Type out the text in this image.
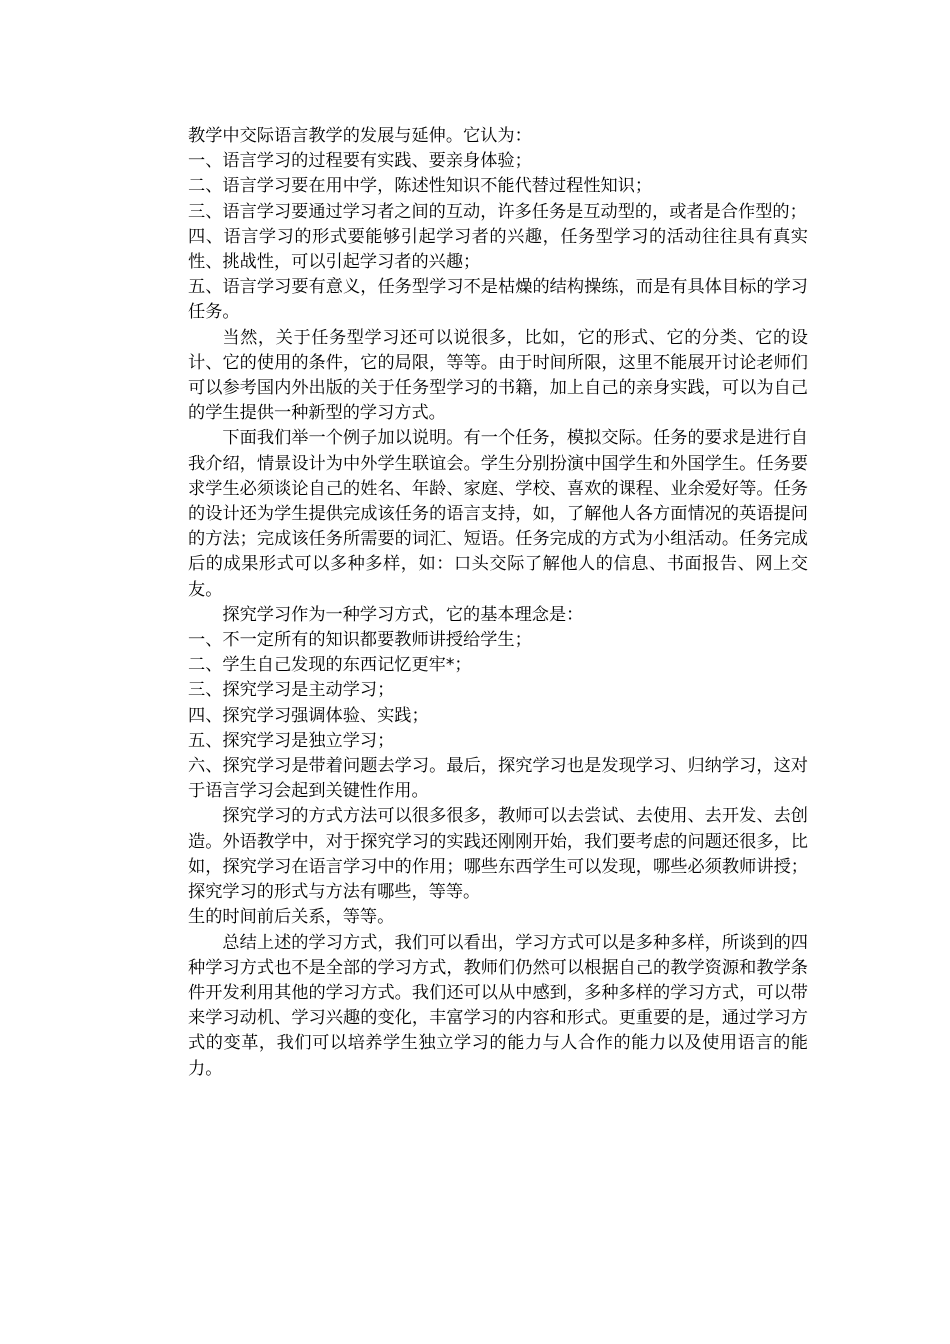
教学中交际语言教学的发展与延伸。它认为：

一、语言学习的过程要有实践、要亲身体验；

二、语言学习要在用中学，陈述性知识不能代替过程性知识；

三、语言学习要通过学习者之间的互动，许多任务是互动型的，或者是合作型的；

四、语言学习的形式要能够引起学习者的兴趣，任务型学习的活动往往具有真实性、挑战性，可以引起学习者的兴趣；

五、语言学习要有意义，任务型学习不是枯燥的结构操练，而是有具体目标的学习任务。

当然，关于任务型学习还可以说很多，比如，它的形式、它的分类、它的设计、它的使用的条件，它的局限，等等。由于时间所限，这里不能展开讨论老师们可以参考国内外出版的关于任务型学习的书籍，加上自己的亲身实践，可以为自己的学生提供一种新型的学习方式。

下面我们举一个例子加以说明。有一个任务，模拟交际。任务的要求是进行自我介绍，情景设计为中外学生联谊会。学生分别扮演中国学生和外国学生。任务要求学生必须谈论自己的姓名、年龄、家庭、学校、喜欢的课程、业余爱好等。任务的设计还为学生提供完成该任务的语言支持，如，了解他人各方面情况的英语提问的方法；完成该任务所需要的词汇、短语。任务完成的方式为小组活动。任务完成后的成果形式可以多种多样，如：口头交际了解他人的信息、书面报告、网上交友。

探究学习作为一种学习方式，它的基本理念是：

一、不一定所有的知识都要教师讲授给学生；

二、学生自己发现的东西记忆更牢*；

三、探究学习是主动学习；

四、探究学习强调体验、实践；

五、探究学习是独立学习；

六、探究学习是带着问题去学习。最后，探究学习也是发现学习、归纳学习，这对于语言学习会起到关键性作用。

探究学习的方式方法可以很多很多，教师可以去尝试、去使用、去开发、去创造。外语教学中，对于探究学习的实践还刚刚开始，我们要考虑的问题还很多，比如，探究学习在语言学习中的作用；哪些东西学生可以发现，哪些必须教师讲授；探究学习的形式与方法有哪些，等等。

生的时间前后关系，等等。

总结上述的学习方式，我们可以看出，学习方式可以是多种多样，所谈到的四种学习方式也不是全部的学习方式，教师们仍然可以根据自己的教学资源和教学条件开发利用其他的学习方式。我们还可以从中感到，多种多样的学习方式，可以带来学习动机、学习兴趣的变化，丰富学习的内容和形式。更重要的是，通过学习方式的变革，我们可以培养学生独立学习的能力与人合作的能力以及使用语言的能力。
